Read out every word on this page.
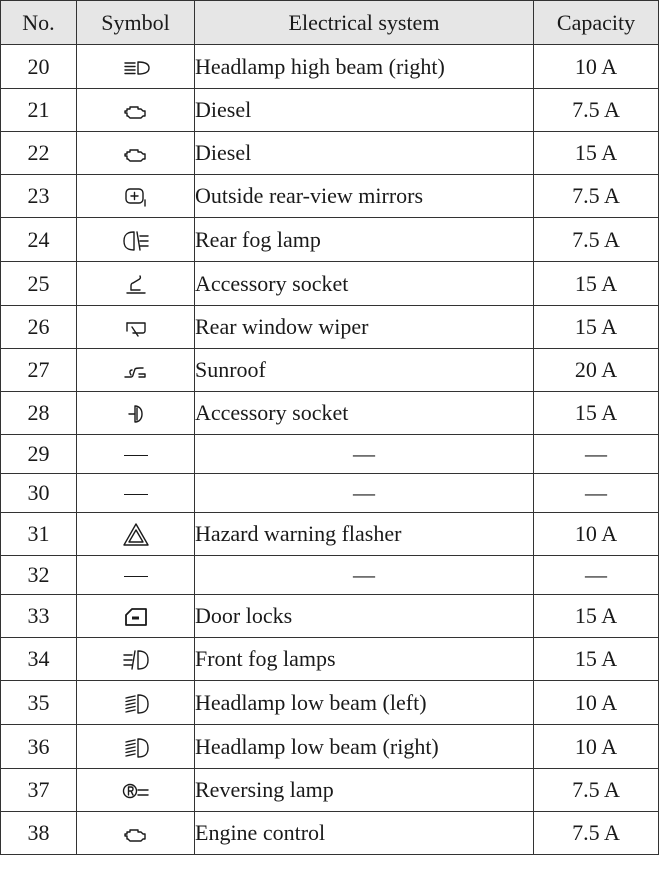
No.	Symbol	Electrical system	Capacity
20		Headlamp high beam (right)	10 A
21		Diesel	7.5 A
22		Diesel	15 A
23		Outside rear-view mirrors	7.5 A
24		Rear fog lamp	7.5 A
25		Accessory socket	15 A
26		Rear window wiper	15 A
27		Sunroof	20 A
28		Accessory socket	15 A
29		—	—
30		—	—
31		Hazard warning flasher	10 A
32		—	—
33		Door locks	15 A
34		Front fog lamps	15 A
35		Headlamp low beam (left)	10 A
36		Headlamp low beam (right)	10 A
37		Reversing lamp	7.5 A
38		Engine control	7.5 A
